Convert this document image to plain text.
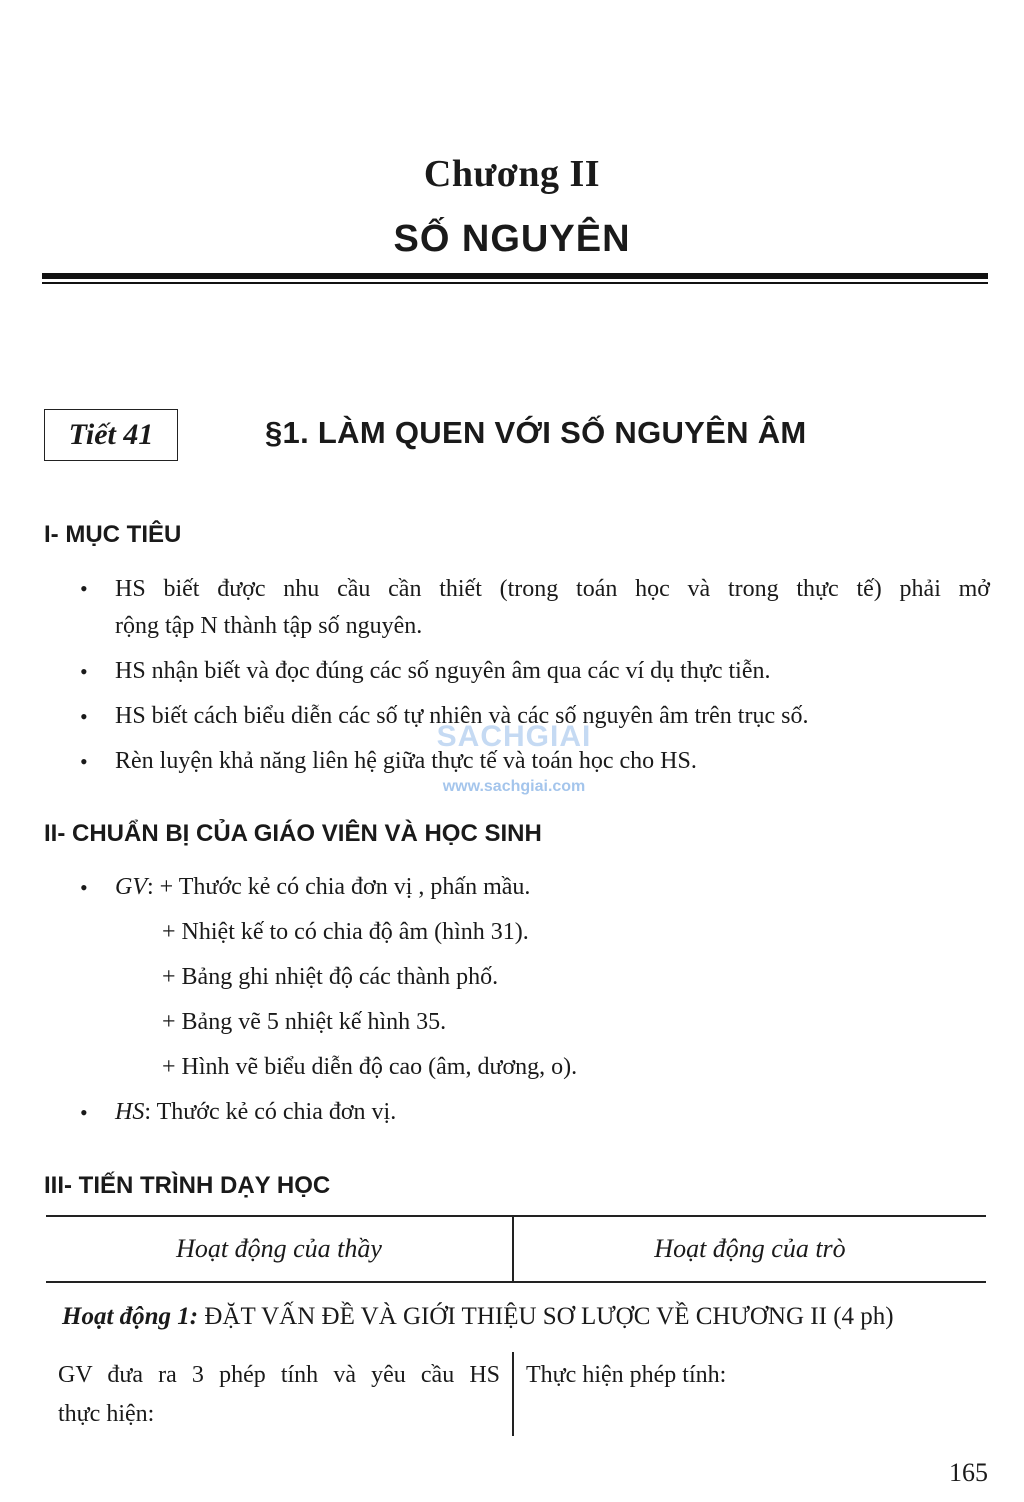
Chương II
SỐ NGUYÊN
Tiết 41	§1. LÀM QUEN VỚI SỐ NGUYÊN ÂM
I- MỤC TIÊU
• HS biết được nhu cầu cần thiết (trong toán học và trong thực tế) phải mở
rộng tập N thành tập số nguyên.
• HS nhận biết và đọc đúng các số nguyên âm qua các ví dụ thực tiễn.
• HS biết cách biểu diễn các số tự nhiên và các số nguyên âm trên trục số.
• Rèn luyện khả năng liên hệ giữa thực tế và toán học cho HS.
SACHGIAI
www.sachgiai.com
II- CHUẨN BỊ CỦA GIÁO VIÊN VÀ HỌC SINH
• GV: + Thước kẻ có chia đơn vị , phấn mầu.
+ Nhiệt kế to có chia độ âm (hình 31).
+ Bảng ghi nhiệt độ các thành phố.
+ Bảng vẽ 5 nhiệt kế hình 35.
+ Hình vẽ biểu diễn độ cao (âm, dương, o).
• HS: Thước kẻ có chia đơn vị.
III- TIẾN TRÌNH DẠY HỌC
Hoạt động của thầy	Hoạt động của trò
Hoạt động 1: ĐẶT VẤN ĐỀ VÀ GIỚI THIỆU SƠ LƯỢC VỀ CHƯƠNG II (4 ph)
GV đưa ra 3 phép tính và yêu cầu HS
thực hiện:
Thực hiện phép tính:
165
